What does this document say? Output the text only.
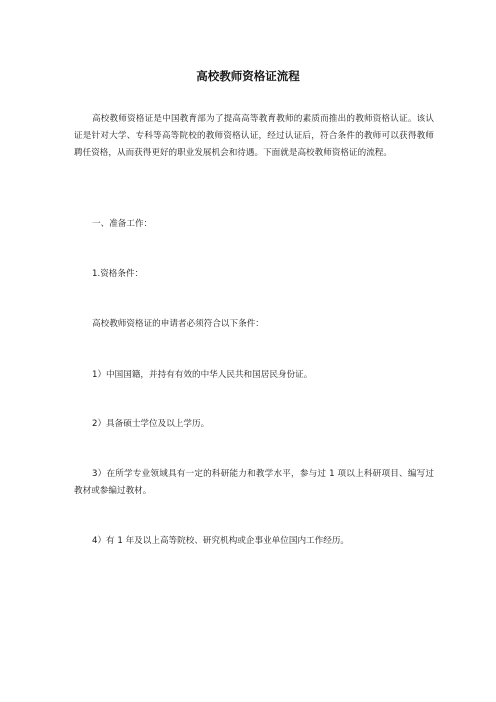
高校教师资格证流程

高校教师资格证是中国教育部为了提高高等教育教师的素质而推出的教师资格认证。该认证是针对大学、专科等高等院校的教师资格认证，经过认证后，符合条件的教师可以获得教师聘任资格，从而获得更好的职业发展机会和待遇。下面就是高校教师资格证的流程。

一、准备工作：

1.资格条件：

高校教师资格证的申请者必须符合以下条件：

1）中国国籍，并持有有效的中华人民共和国居民身份证。

2）具备硕士学位及以上学历。

3）在所学专业领域具有一定的科研能力和教学水平，参与过 1 项以上科研项目、编写过教材或参编过教材。

4）有 1 年及以上高等院校、研究机构或企事业单位国内工作经历。
